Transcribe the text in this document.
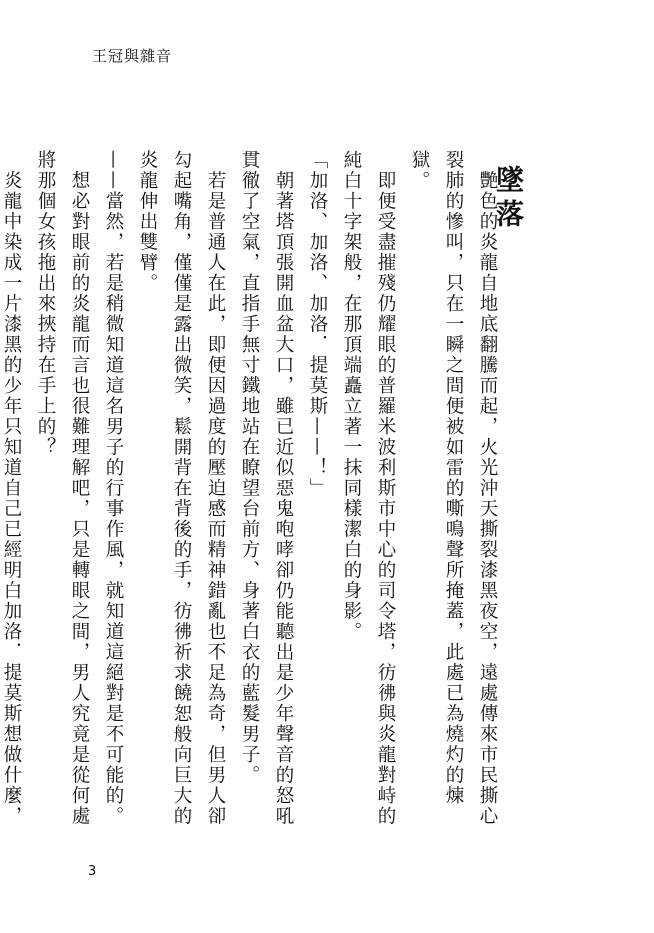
王冠與雜音
墜落

　艷色的炎龍自地底翻騰而起，火光沖天撕裂漆黑夜空，遠處傳來市民撕心裂肺的慘叫，只在一瞬之間便被如雷的嘶鳴聲所掩蓋，此處已為燒灼的煉獄。

　即便受盡摧殘仍耀眼的普羅米波利斯市中心的司令塔，彷彿與炎龍對峙的純白十字架般，在那頂端矗立著一抹同樣潔白的身影。

「加洛、加洛、加洛．提莫斯——！」

　朝著塔頂張開血盆大口，雖已近似惡鬼咆哮卻仍能聽出是少年聲音的怒吼貫徹了空氣，直指手無寸鐵地站在瞭望台前方、身著白衣的藍髮男子。

　若是普通人在此，即便因過度的壓迫感而精神錯亂也不足為奇，但男人卻勾起嘴角，僅僅是露出微笑，鬆開背在背後的手，彷彿祈求饒恕般向巨大的炎龍伸出雙臂。

——當然，若是稍微知道這名男子的行事作風，就知道這絕對是不可能的。

　想必對眼前的炎龍而言也很難理解吧，只是轉眼之間，男人究竟是從何處將那個女孩拖出來挾持在手上的？

　炎龍中染成一片漆黑的少年只知道自己已經明白加洛．提莫斯想做什麼，

3
